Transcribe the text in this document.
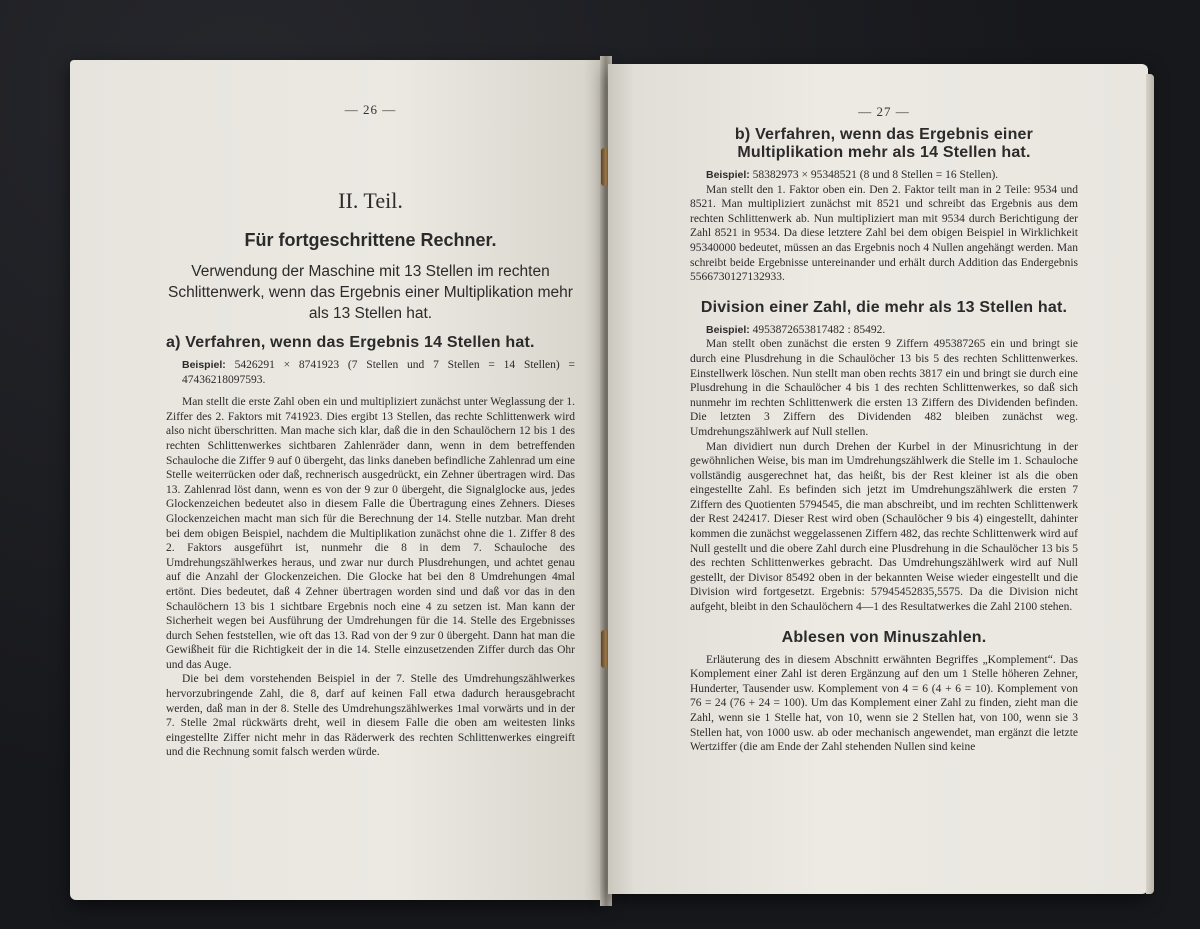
— 26 —
II. Teil.
Für fortgeschrittene Rechner.
Verwendung der Maschine mit 13 Stellen im rechten Schlittenwerk, wenn das Ergebnis einer Multiplikation mehr als 13 Stellen hat.
a) Verfahren, wenn das Ergebnis 14 Stellen hat.

Beispiel: 5426291 × 8741923 (7 Stellen und 7 Stellen = 14 Stellen) = 47436218097593.

Man stellt die erste Zahl oben ein und multipliziert zunächst unter Weglassung der 1. Ziffer des 2. Faktors mit 741923. Dies ergibt 13 Stellen, das rechte Schlittenwerk wird also nicht überschritten. Man mache sich klar, daß die in den Schaulöchern 12 bis 1 des rechten Schlittenwerkes sichtbaren Zahlenräder dann, wenn in dem betreffenden Schauloche die Ziffer 9 auf 0 übergeht, das links daneben befindliche Zahlenrad um eine Stelle weiterrücken oder daß, rechnerisch ausgedrückt, ein Zehner übertragen wird. Das 13. Zahlenrad löst dann, wenn es von der 9 zur 0 übergeht, die Signalglocke aus, jedes Glockenzeichen bedeutet also in diesem Falle die Übertragung eines Zehners. Dieses Glockenzeichen macht man sich für die Berechnung der 14. Stelle nutzbar. Man dreht bei dem obigen Beispiel, nachdem die Multiplikation zunächst ohne die 1. Ziffer 8 des 2. Faktors ausgeführt ist, nunmehr die 8 in dem 7. Schauloche des Umdrehungszählwerkes heraus, und zwar nur durch Plusdrehungen, und achtet genau auf die Anzahl der Glockenzeichen. Die Glocke hat bei den 8 Umdrehungen 4mal ertönt. Dies bedeutet, daß 4 Zehner übertragen worden sind und daß vor das in den Schaulöchern 13 bis 1 sichtbare Ergebnis noch eine 4 zu setzen ist. Man kann der Sicherheit wegen bei Ausführung der Umdrehungen für die 14. Stelle des Ergebnisses durch Sehen feststellen, wie oft das 13. Rad von der 9 zur 0 übergeht. Dann hat man die Gewißheit für die Richtigkeit der in die 14. Stelle einzusetzenden Ziffer durch das Ohr und das Auge.

Die bei dem vorstehenden Beispiel in der 7. Stelle des Umdrehungszählwerkes hervorzubringende Zahl, die 8, darf auf keinen Fall etwa dadurch herausgebracht werden, daß man in der 8. Stelle des Umdrehungszählwerkes 1mal vorwärts und in der 7. Stelle 2mal rückwärts dreht, weil in diesem Falle die oben am weitesten links eingestellte Ziffer nicht mehr in das Räderwerk des rechten Schlittenwerkes eingreift und die Rechnung somit falsch werden würde.

— 27 —
b) Verfahren, wenn das Ergebnis einer Multiplikation mehr als 14 Stellen hat.

Beispiel: 58382973 × 95348521 (8 und 8 Stellen = 16 Stellen).

Man stellt den 1. Faktor oben ein. Den 2. Faktor teilt man in 2 Teile: 9534 und 8521. Man multipliziert zunächst mit 8521 und schreibt das Ergebnis aus dem rechten Schlittenwerk ab. Nun multipliziert man mit 9534 durch Berichtigung der Zahl 8521 in 9534. Da diese letztere Zahl bei dem obigen Beispiel in Wirklichkeit 95340000 bedeutet, müssen an das Ergebnis noch 4 Nullen angehängt werden. Man schreibt beide Ergebnisse untereinander und erhält durch Addition das Endergebnis 5566730127132933.

Division einer Zahl, die mehr als 13 Stellen hat.

Beispiel: 4953872653817482 : 85492.

Man stellt oben zunächst die ersten 9 Ziffern 495387265 ein und bringt sie durch eine Plusdrehung in die Schaulöcher 13 bis 5 des rechten Schlittenwerkes. Einstellwerk löschen. Nun stellt man oben rechts 3817 ein und bringt sie durch eine Plusdrehung in die Schaulöcher 4 bis 1 des rechten Schlittenwerkes, so daß sich nunmehr im rechten Schlittenwerk die ersten 13 Ziffern des Dividenden befinden. Die letzten 3 Ziffern des Dividenden 482 bleiben zunächst weg. Umdrehungszählwerk auf Null stellen.

Man dividiert nun durch Drehen der Kurbel in der Minusrichtung in der gewöhnlichen Weise, bis man im Umdrehungszählwerk die Stelle im 1. Schauloche vollständig ausgerechnet hat, das heißt, bis der Rest kleiner ist als die oben eingestellte Zahl. Es befinden sich jetzt im Umdrehungszählwerk die ersten 7 Ziffern des Quotienten 5794545, die man abschreibt, und im rechten Schlittenwerk der Rest 242417. Dieser Rest wird oben (Schaulöcher 9 bis 4) eingestellt, dahinter kommen die zunächst weggelassenen Ziffern 482, das rechte Schlittenwerk wird auf Null gestellt und die obere Zahl durch eine Plusdrehung in die Schaulöcher 13 bis 5 des rechten Schlittenwerkes gebracht. Das Umdrehungszählwerk wird auf Null gestellt, der Divisor 85492 oben in der bekannten Weise wieder eingestellt und die Division wird fortgesetzt. Ergebnis: 57945452835,5575. Da die Division nicht aufgeht, bleibt in den Schaulöchern 4—1 des Resultatwerkes die Zahl 2100 stehen.

Ablesen von Minuszahlen.

Erläuterung des in diesem Abschnitt erwähnten Begriffes „Komplement“. Das Komplement einer Zahl ist deren Ergänzung auf den um 1 Stelle höheren Zehner, Hunderter, Tausender usw. Komplement von 4 = 6 (4 + 6 = 10). Komplement von 76 = 24 (76 + 24 = 100). Um das Komplement einer Zahl zu finden, zieht man die Zahl, wenn sie 1 Stelle hat, von 10, wenn sie 2 Stellen hat, von 100, wenn sie 3 Stellen hat, von 1000 usw. ab oder mechanisch angewendet, man ergänzt die letzte Wertziffer (die am Ende der Zahl stehenden Nullen sind keine
